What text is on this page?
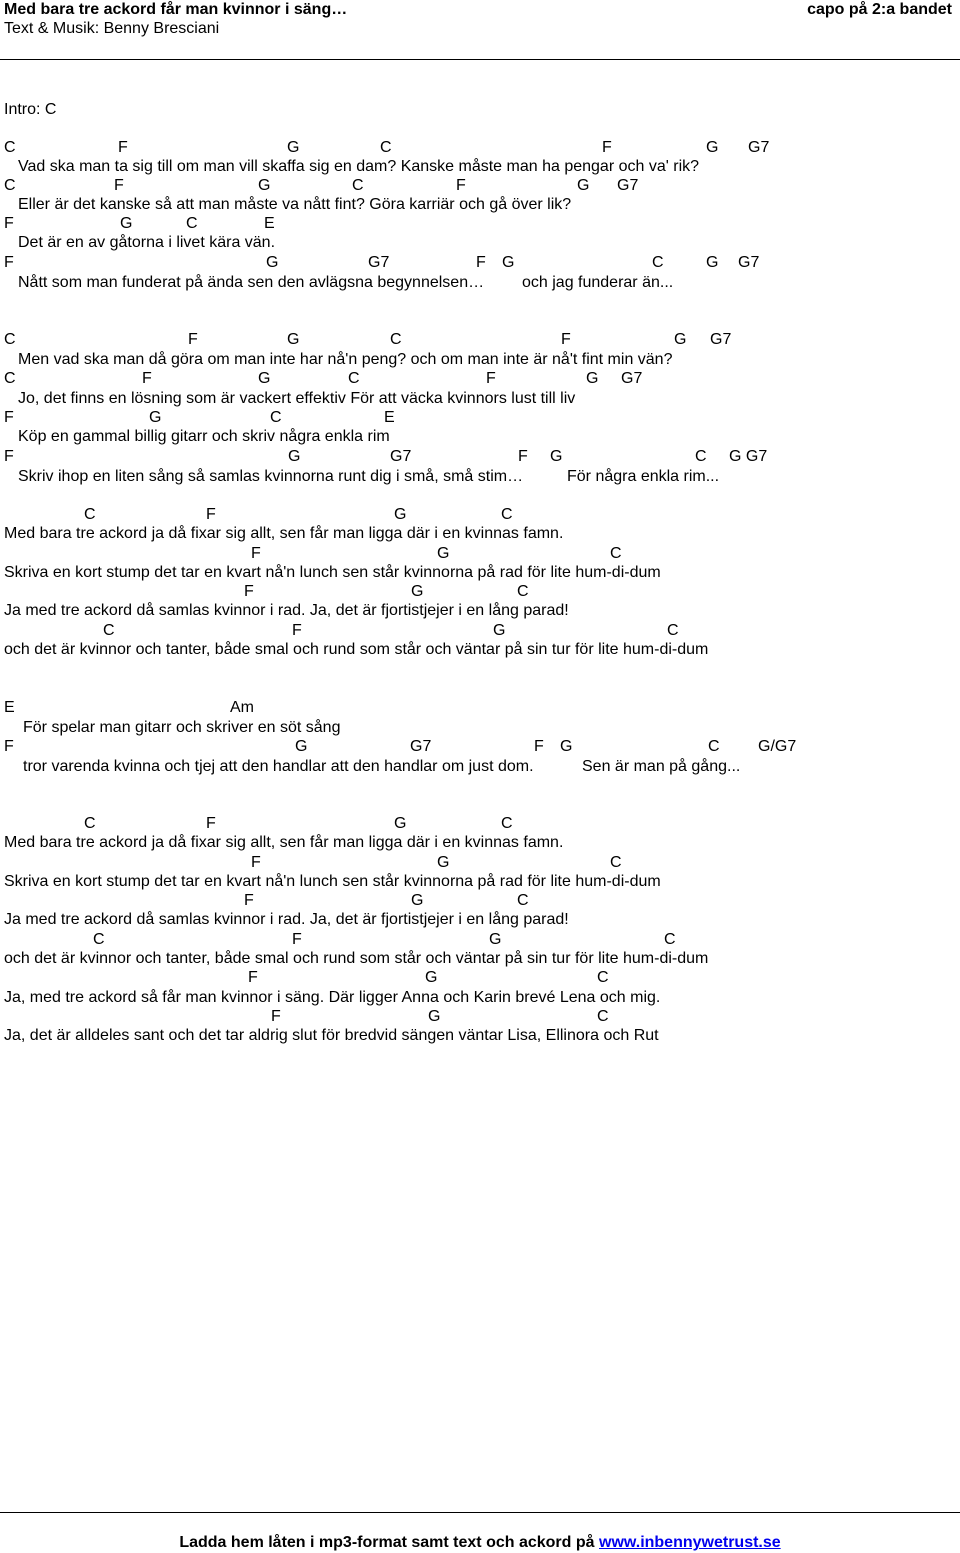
Med bara tre ackord får man kvinnor i säng…
Text & Musik: Benny Bresciani
capo på 2:a bandet

Intro: C

C

	F

	G

	C

	F

	G

G7

Vad ska man ta sig till om man vill skaffa sig en dam? Kanske måste man ha pengar och va' rik?

C

	F

	G

	C

	F

	G

G7

Eller är det kanske så att man måste va nått fint? Göra karriär och gå över lik?

F

	G

	C

	E

Det är en av gåtorna i livet kära vän.

F

	G

	G7

	F

G

	C

	G

G7

Nått som man funderat på ända sen den avlägsna begynnelsen…

och jag funderar än...

C

	F

	G

	C

	F

	G

G7

Men vad ska man då göra om man inte har nå'n peng? och om man inte är nå't fint min vän?

C

	F

	G

	C

	F

	G

G7

Jo, det finns en lösning som är vackert effektiv För att väcka kvinnors lust till liv

F

	G

	C

	E

Köp en gammal billig gitarr och skriv några enkla rim

F

	G

	G7

	F

G

	C

G G7

Skriv ihop en liten sång så samlas kvinnorna runt dig i små, små stim…

	För några enkla rim...

C

	F

	G

	C

Med bara tre ackord ja då fixar sig allt, sen får man ligga där i en kvinnas famn.

F

	G

	C

Skriva en kort stump det tar en kvart nå'n lunch sen står kvinnorna på rad för lite hum-di-dum

F

	G

	C

Ja med tre ackord då samlas kvinnor i rad. Ja, det är fjortistjejer i en lång parad!

C

	F

	G

	C

och det är kvinnor och tanter, både smal och rund som står och väntar på sin tur för lite hum-di-dum

E

	Am

För spelar man gitarr och skriver en söt sång

F

	G

	G7

	F

G

	C

G/G7

tror varenda kvinna och tjej att den handlar att den handlar om just dom.

	Sen är man på gång...

C

	F

	G

	C

Med bara tre ackord ja då fixar sig allt, sen får man ligga där i en kvinnas famn.

F

	G

	C

Skriva en kort stump det tar en kvart nå'n lunch sen står kvinnorna på rad för lite hum-di-dum

F

	G

	C

Ja med tre ackord då samlas kvinnor i rad. Ja, det är fjortistjejer i en lång parad!

C

	F

	G

	C

och det är kvinnor och tanter, både smal och rund som står och väntar på sin tur för lite hum-di-dum

F

	G

	C

Ja, med tre ackord så får man kvinnor i säng. Där ligger Anna och Karin brevé Lena och mig.

F

	G

	C

Ja, det är alldeles sant och det tar aldrig slut för bredvid sängen väntar Lisa, Ellinora och Rut

Ladda hem låten i mp3-format samt text och ackord på www.inbennywetrust.se
